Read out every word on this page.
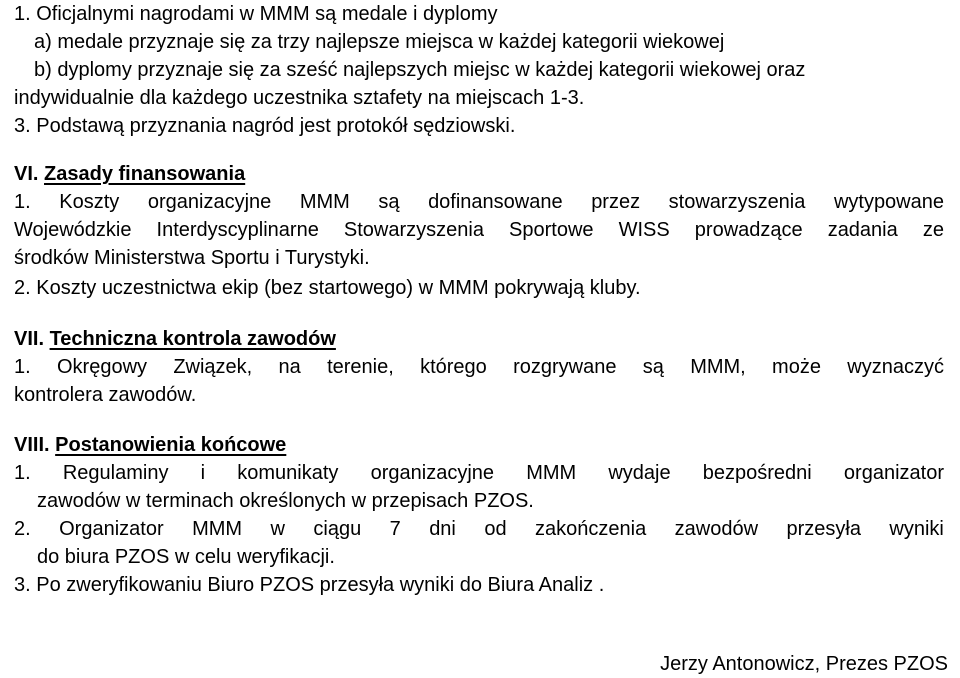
1. Oficjalnymi nagrodami w MMM są medale i dyplomy
a) medale przyznaje się za trzy najlepsze miejsca w każdej kategorii wiekowej
b) dyplomy przyznaje się za sześć najlepszych miejsc w każdej kategorii wiekowej oraz
indywidualnie dla każdego uczestnika sztafety na miejscach 1-3.
3. Podstawą przyznania nagród jest protokół sędziowski.
VI. Zasady finansowania
1. Koszty organizacyjne MMM są dofinansowane przez stowarzyszenia wytypowane
Wojewódzkie Interdyscyplinarne Stowarzyszenia Sportowe WISS prowadzące zadania ze
środków Ministerstwa Sportu i Turystyki.
2. Koszty uczestnictwa ekip (bez startowego) w MMM pokrywają kluby.
VII. Techniczna kontrola zawodów
1. Okręgowy Związek, na terenie, którego rozgrywane są MMM, może wyznaczyć
kontrolera zawodów.
VIII. Postanowienia końcowe
1. Regulaminy i komunikaty organizacyjne MMM wydaje bezpośredni organizator
zawodów w terminach określonych w przepisach PZOS.
2. Organizator MMM w ciągu 7 dni od zakończenia zawodów przesyła wyniki
do biura PZOS w celu weryfikacji.
3. Po zweryfikowaniu Biuro PZOS przesyła wyniki do Biura Analiz .
Jerzy Antonowicz, Prezes PZOS
